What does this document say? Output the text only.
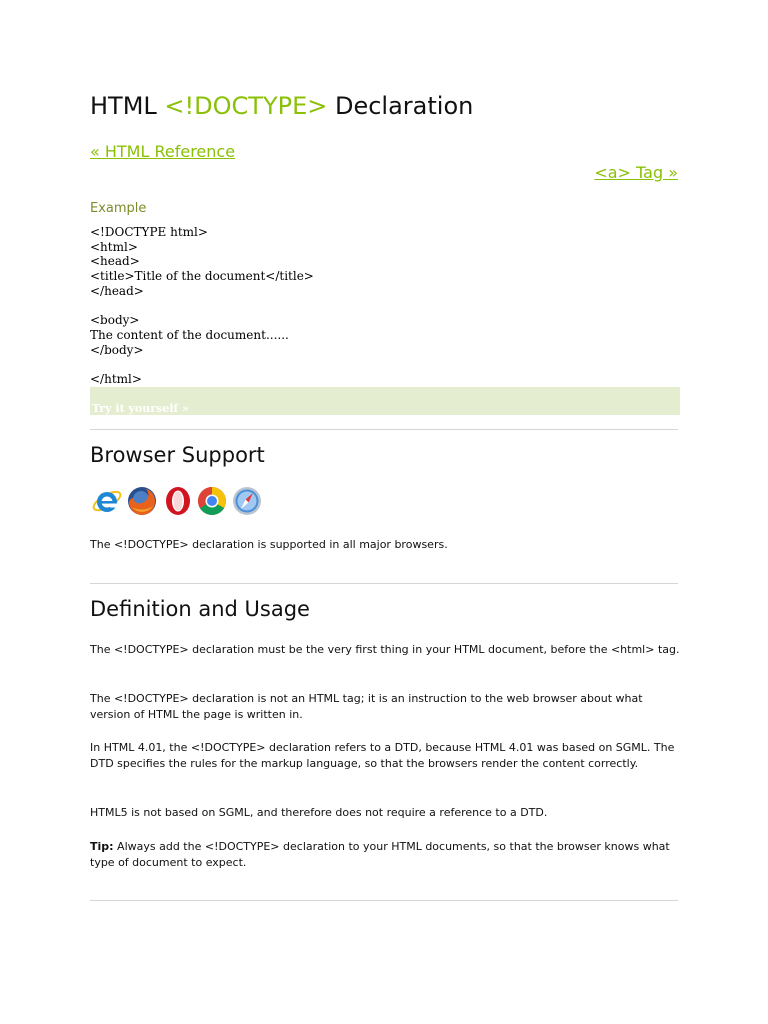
HTML <!DOCTYPE> Declaration
« HTML Reference
<a> Tag »
Example
<!DOCTYPE html>
<html>
<head>
<title>Title of the document</title>
</head>

<body>
The content of the document......
</body>

</html>
Try it yourself »
Browser Support

The <!DOCTYPE> declaration is supported in all major browsers.

Definition and Usage

The <!DOCTYPE> declaration must be the very first thing in your HTML document, before the <html> tag.

The <!DOCTYPE> declaration is not an HTML tag; it is an instruction to the web browser about what version of HTML the page is written in.

In HTML 4.01, the <!DOCTYPE> declaration refers to a DTD, because HTML 4.01 was based on SGML. The DTD specifies the rules for the markup language, so that the browsers render the content correctly.

HTML5 is not based on SGML, and therefore does not require a reference to a DTD.

Tip: Always add the <!DOCTYPE> declaration to your HTML documents, so that the browser knows what type of document to expect.
